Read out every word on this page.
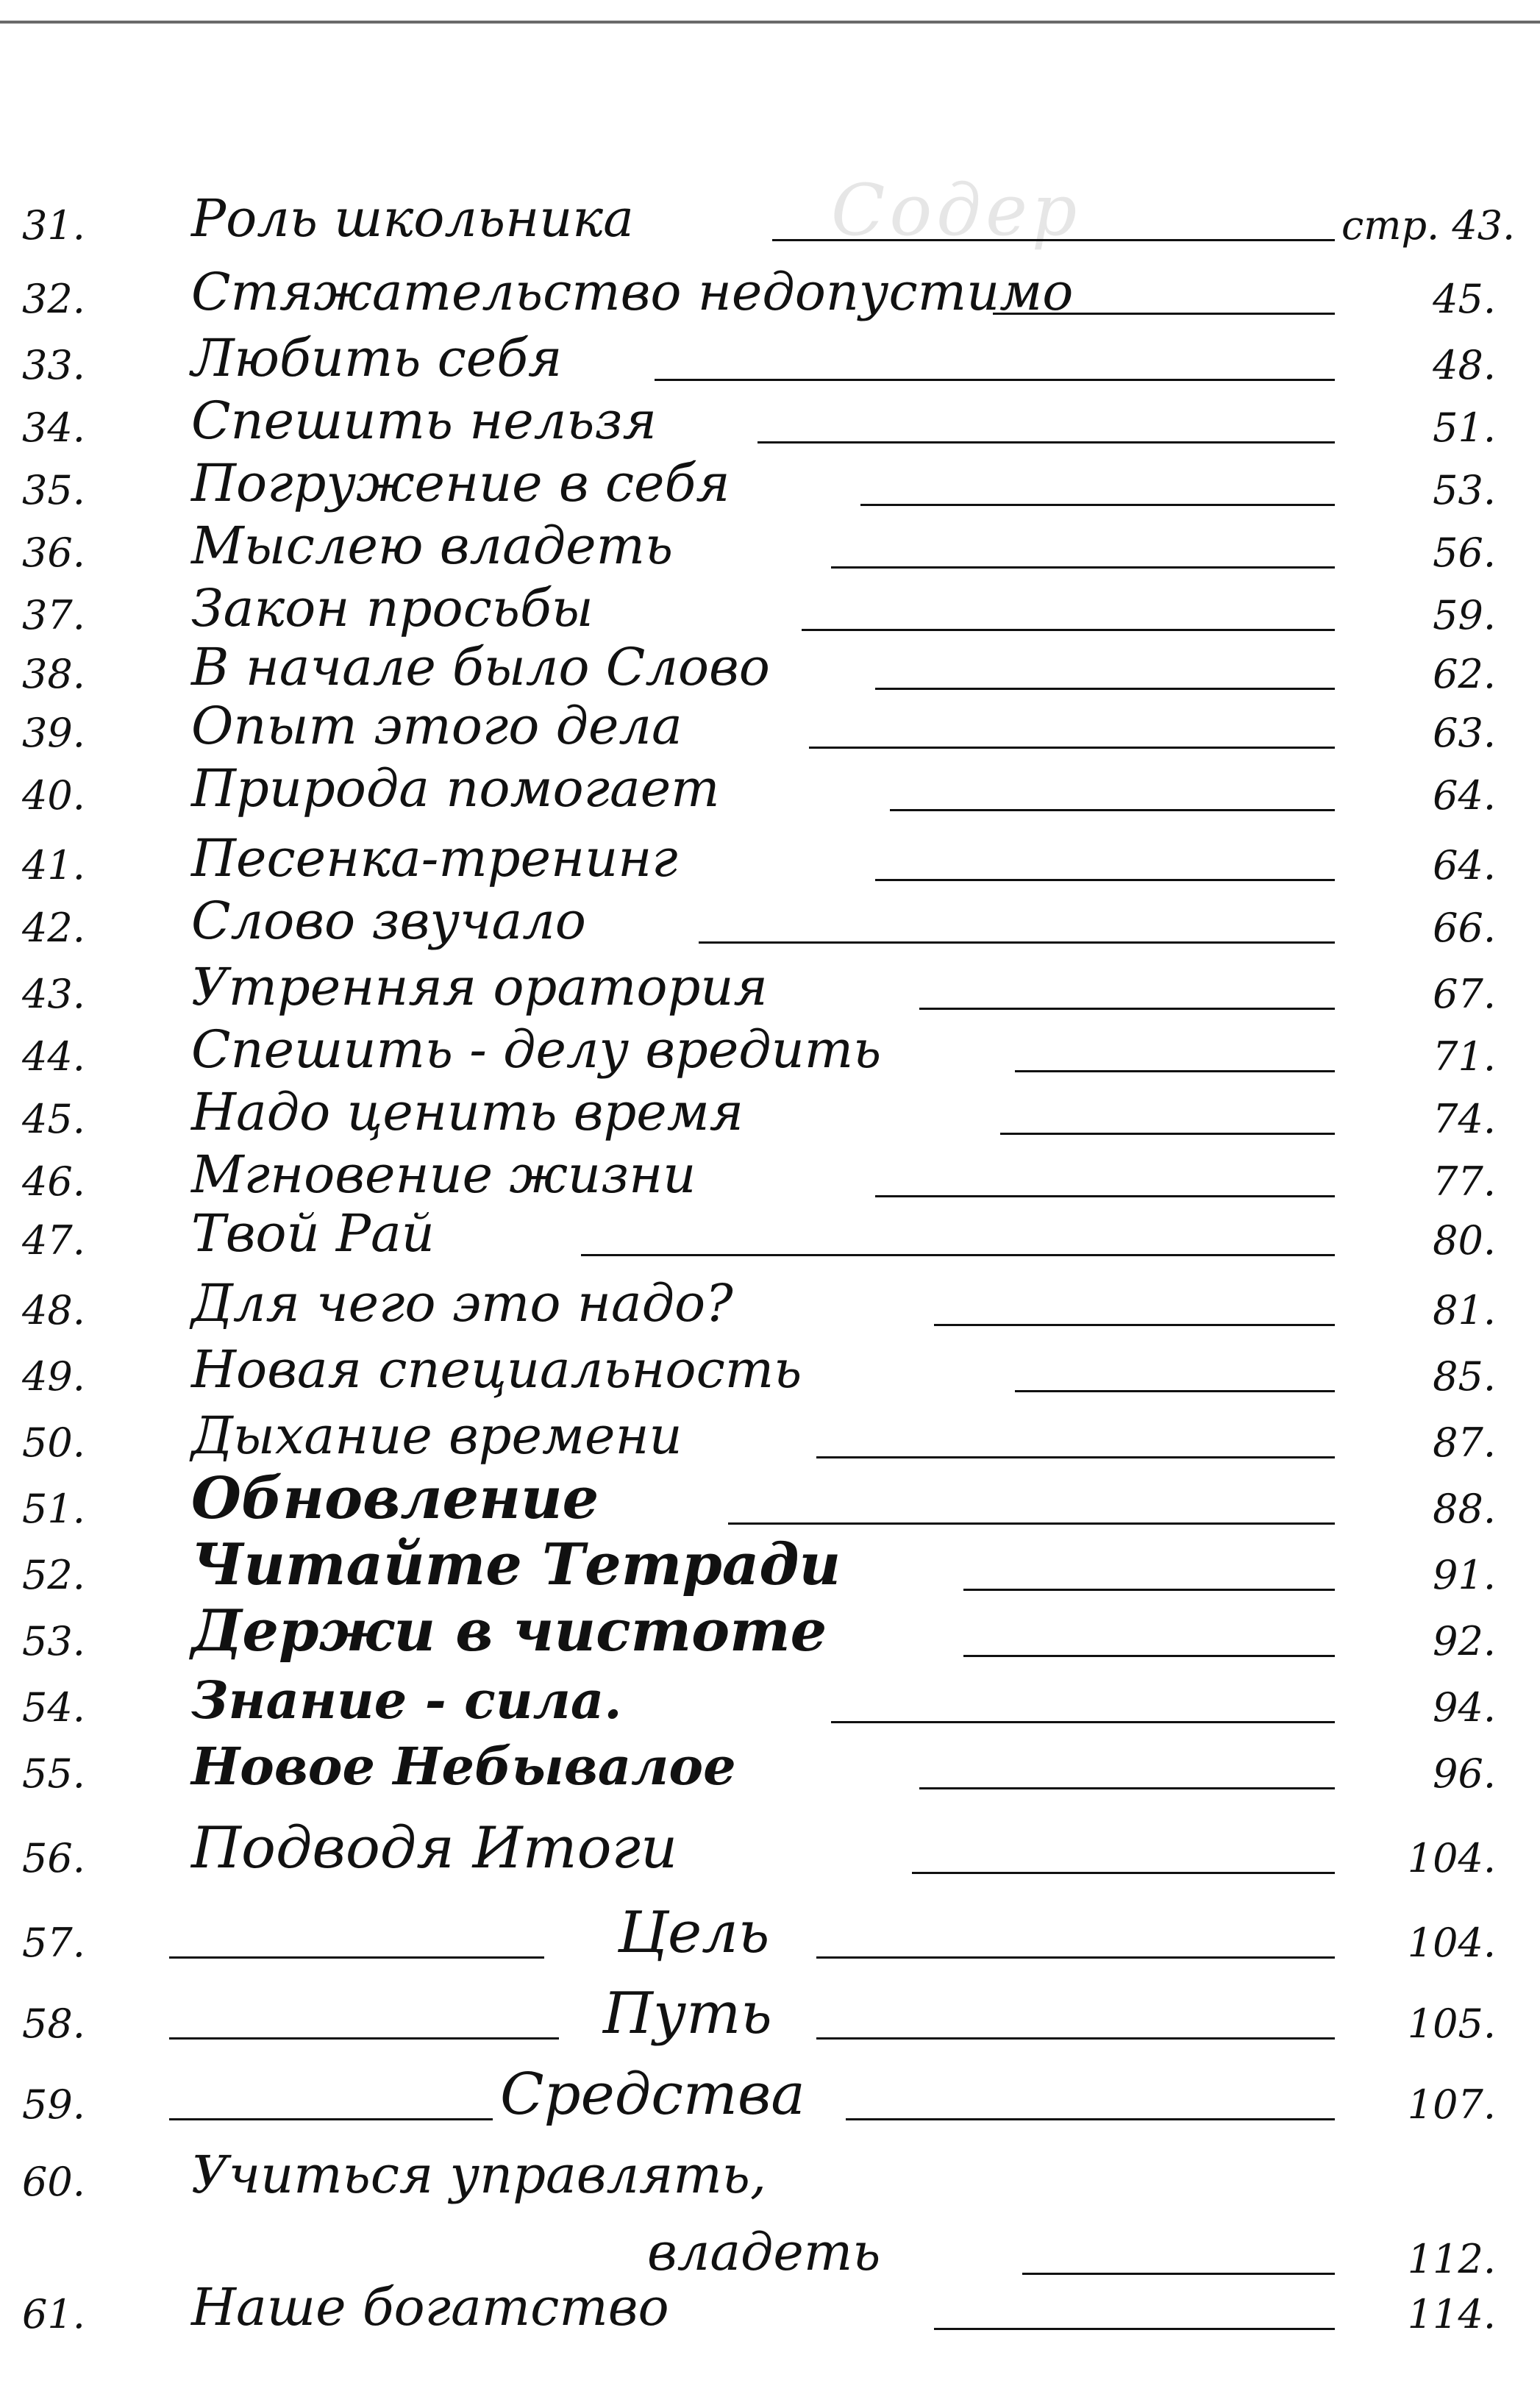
Содер
31.	Роль школьника	стр. 43.
32.	Стяжательство недопустимо	45.
33.	Любить себя	48.
34.	Спешить нельзя	51.
35.	Погружение в себя	53.
36.	Мыслею владеть	56.
37.	Закон просьбы	59.
38.	В начале было Слово	62.
39.	Опыт этого дела	63.
40.	Природа помогает	64.
41.	Песенка-тренинг	64.
42.	Слово звучало	66.
43.	Утренняя оратория	67.
44.	Спешить - делу вредить	71.
45.	Надо ценить время	74.
46.	Мгновение жизни	77.
47.	Твой Рай	80.
48.	Для чего это надо?	81.
49.	Новая специальность	85.
50.	Дыхание времени	87.
51.	Обновление	88.
52.	Читайте Тетради	91.
53.	Держи в чистоте	92.
54.	Знание - сила.	94.
55.	Новое Небывалое	96.
56.	Подводя Итоги	104.
57.	Цель	104.
58.	Путь	105.
59.	Средства	107.
60.	Учиться управлять,
владеть	112.
61.	Наше богатство	114.
